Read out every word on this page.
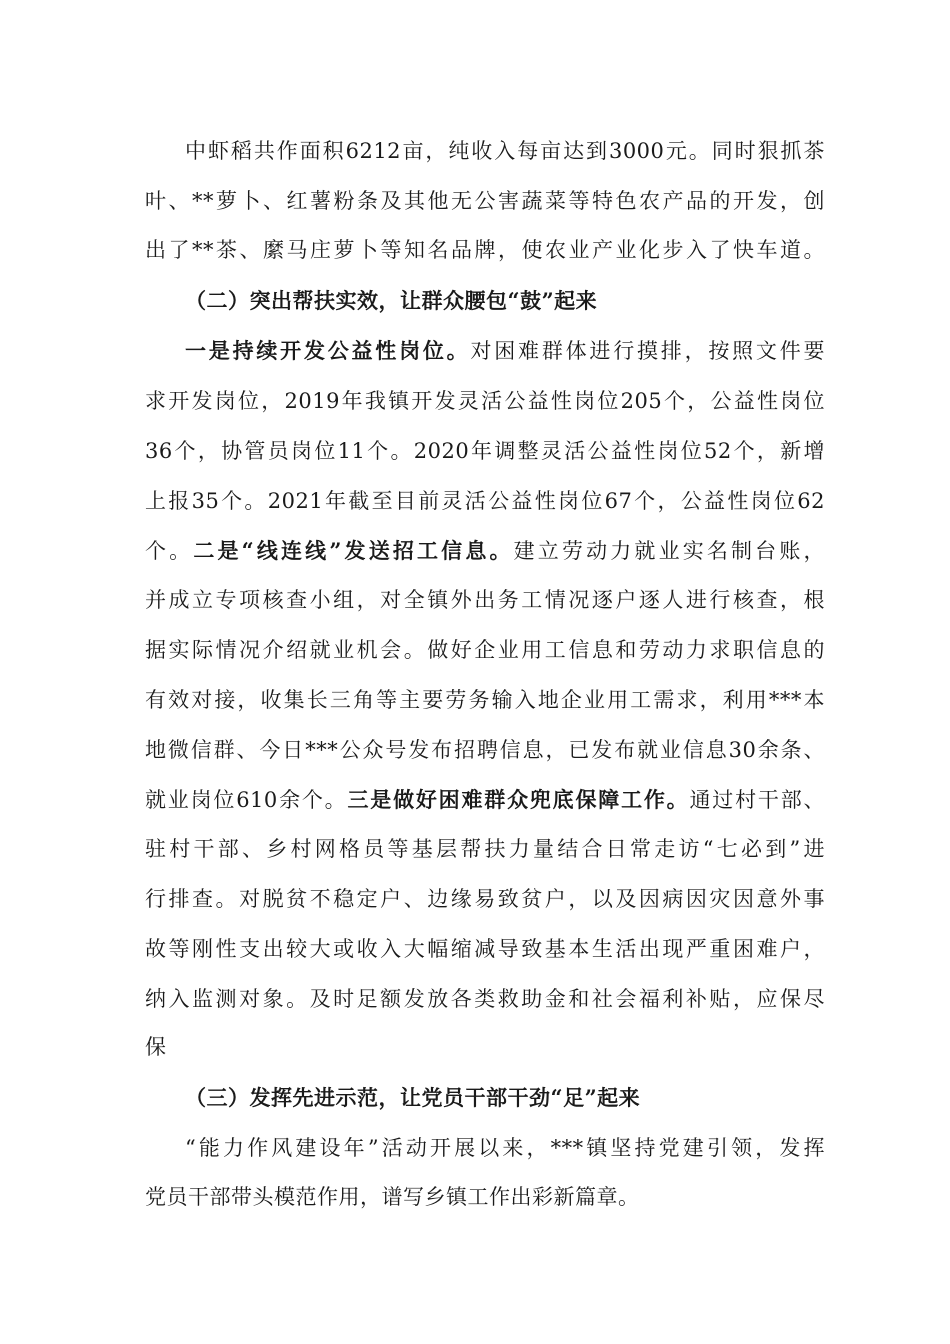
中虾稻共作面积6212亩，纯收入每亩达到3000元。同时狠抓茶
叶、**萝卜、红薯粉条及其他无公害蔬菜等特色农产品的开发，创
出了**茶、縻马庄萝卜等知名品牌，使农业产业化步入了快车道。
（二）突出帮扶实效，让群众腰包“鼓”起来
一是持续开发公益性岗位。对困难群体进行摸排，按照文件要
求开发岗位，2019年我镇开发灵活公益性岗位205个，公益性岗位
36个，协管员岗位11个。2020年调整灵活公益性岗位52个，新增
上报35个。2021年截至目前灵活公益性岗位67个，公益性岗位62
个。二是“线连线”发送招工信息。建立劳动力就业实名制台账，
并成立专项核查小组，对全镇外出务工情况逐户逐人进行核查，根
据实际情况介绍就业机会。做好企业用工信息和劳动力求职信息的
有效对接，收集长三角等主要劳务输入地企业用工需求，利用***本
地微信群、今日***公众号发布招聘信息，已发布就业信息30余条、
就业岗位610余个。三是做好困难群众兜底保障工作。通过村干部、
驻村干部、乡村网格员等基层帮扶力量结合日常走访“七必到”进
行排查。对脱贫不稳定户、边缘易致贫户，以及因病因灾因意外事
故等刚性支出较大或收入大幅缩减导致基本生活出现严重困难户，
纳入监测对象。及时足额发放各类救助金和社会福利补贴，应保尽
保
（三）发挥先进示范，让党员干部干劲“足”起来
“能力作风建设年”活动开展以来，***镇坚持党建引领，发挥
党员干部带头模范作用，谱写乡镇工作出彩新篇章。
